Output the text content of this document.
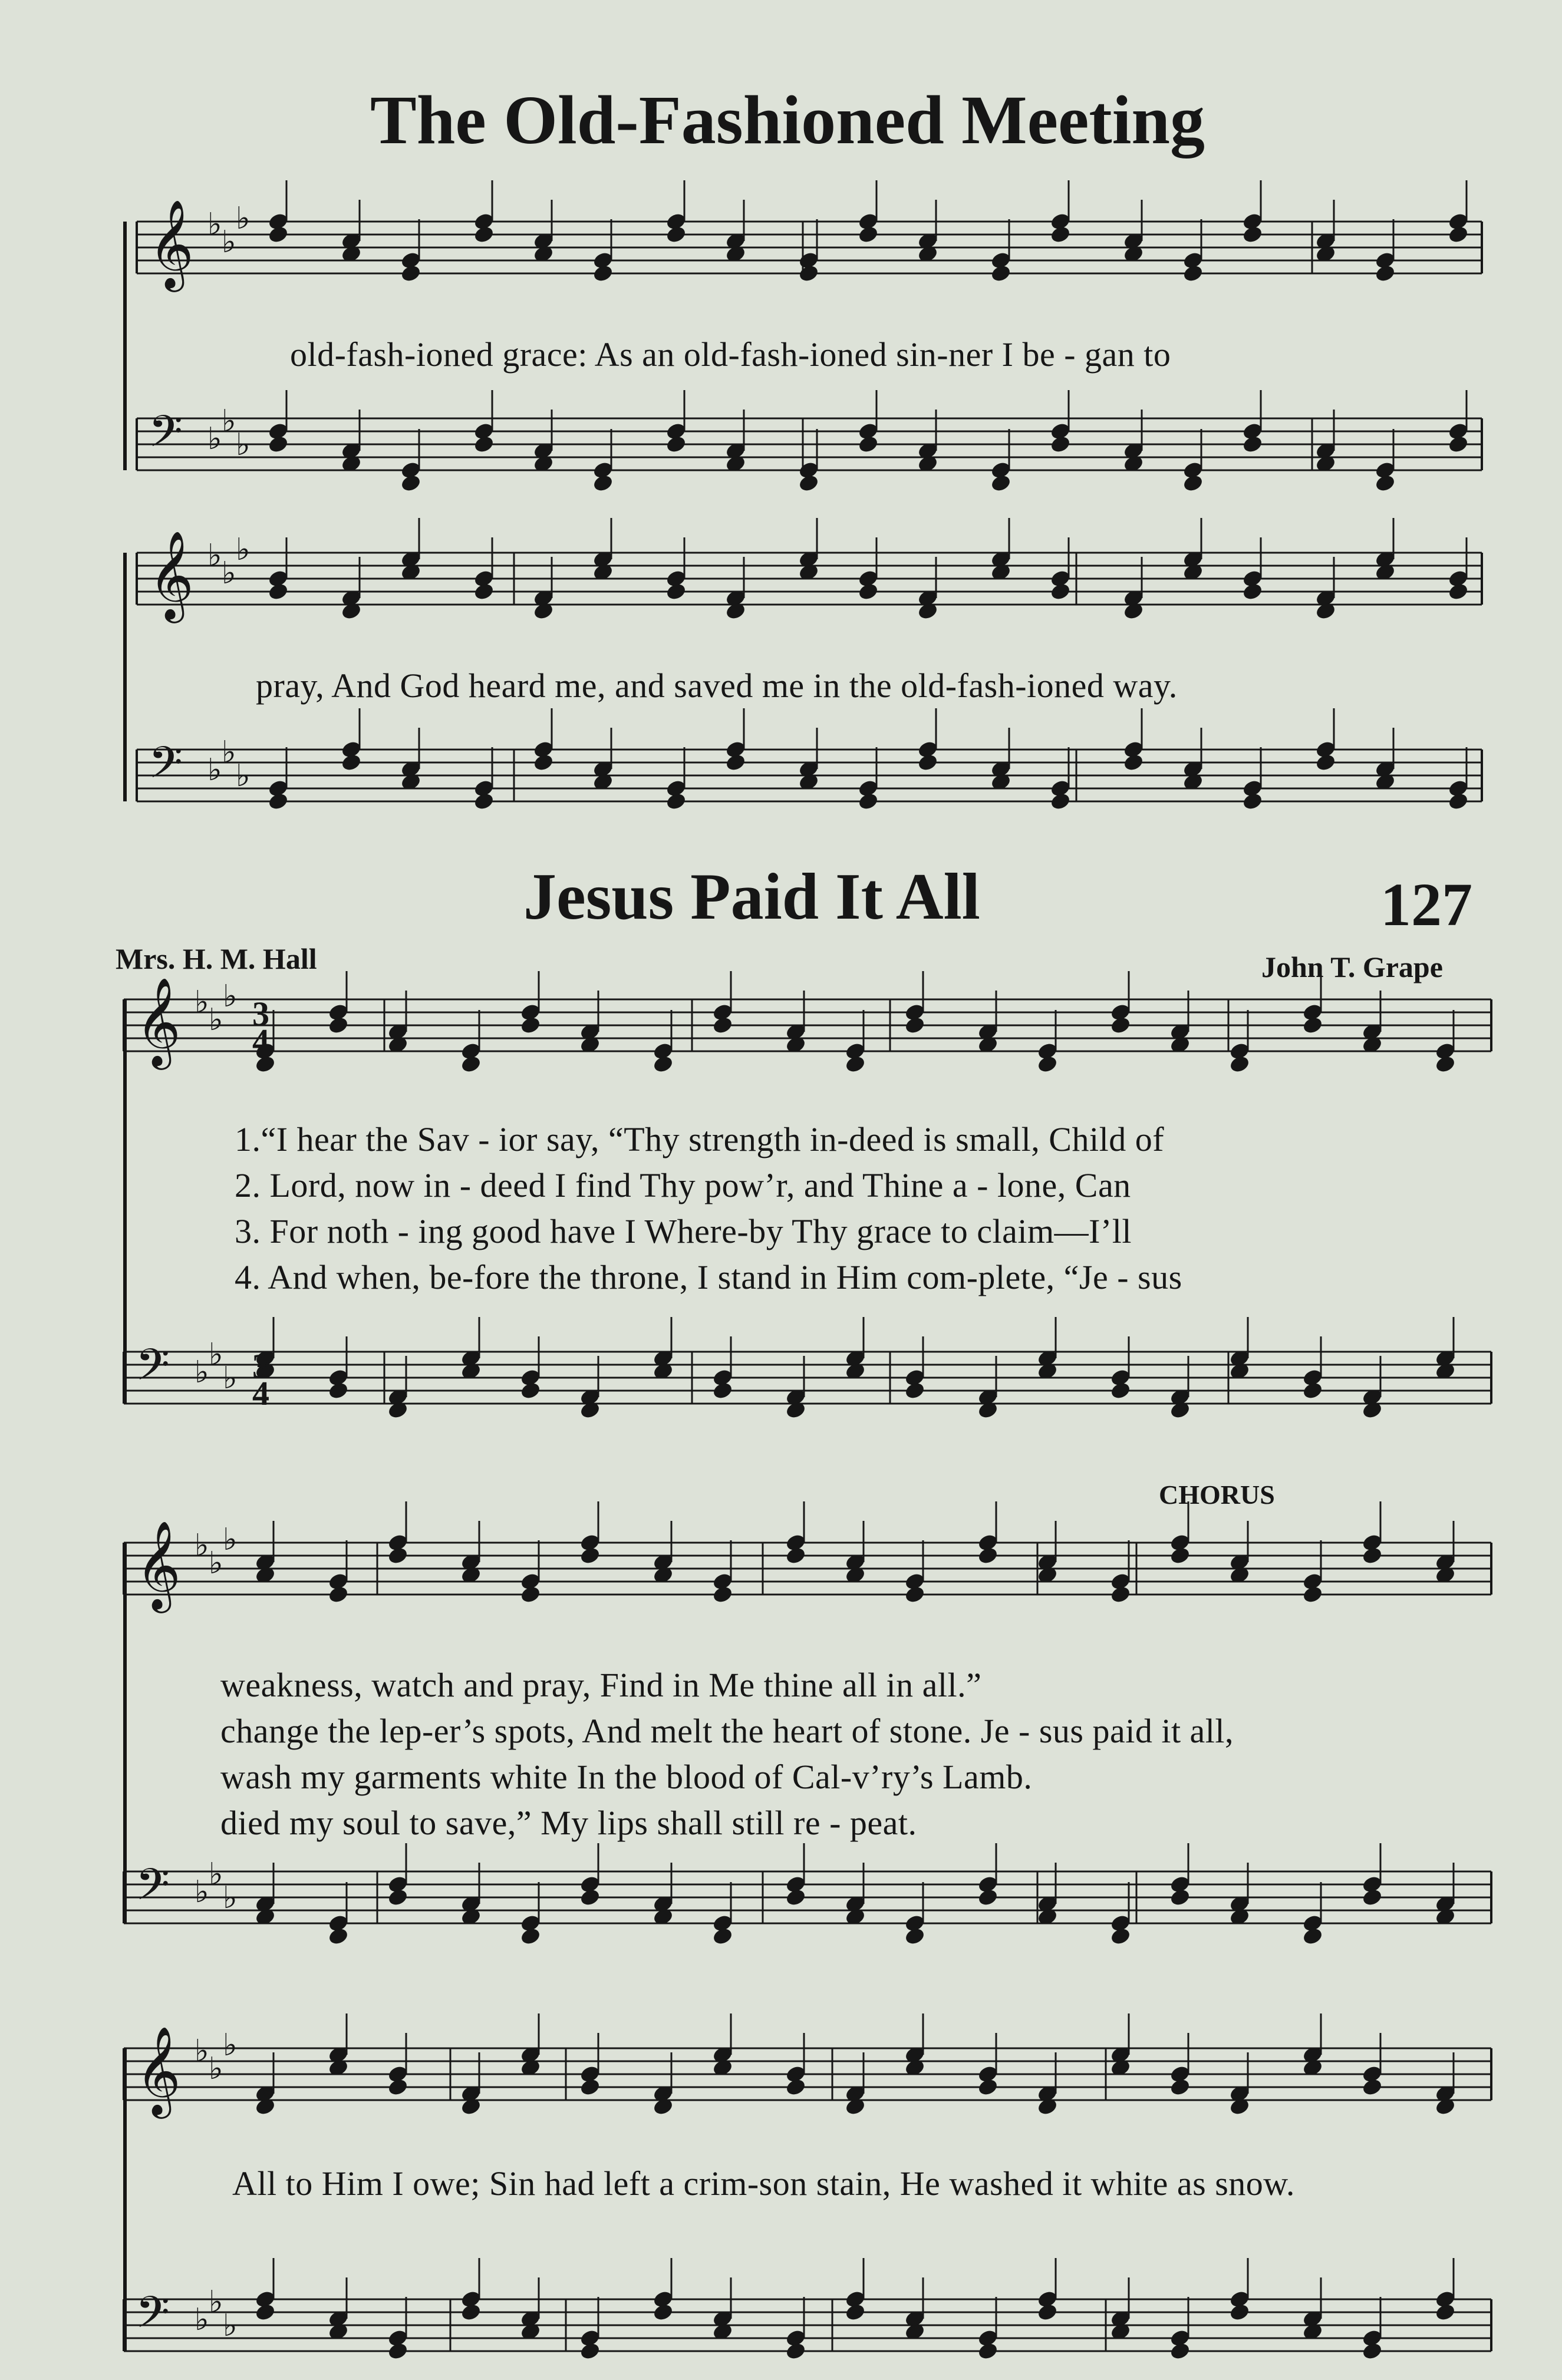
The Old-Fashioned Meeting
Jesus Paid It All	127
Mrs. H. M. Hall	John T. Grape
CHORUS
old-fash-ioned grace: As an old-fash-ioned sin-ner I be - gan to
pray, And God heard me, and saved me in the old-fash-ioned way.
1.“I hear the Sav - ior say, “Thy strength in-deed is small, Child of
2. Lord, now in - deed I find Thy pow’r, and Thine a - lone, Can
3. For noth - ing good have I Where-by Thy grace to claim—I’ll
4. And when, be-fore the throne, I stand in Him com-plete, “Je - sus
weakness, watch and pray, Find in Me thine all in all.”
change the lep-er’s spots, And melt the heart of stone. Je - sus paid it all,
wash my garments white In the blood of Cal-v’ry’s Lamb.
died my soul to save,” My lips shall still re - peat.
All to Him I owe; Sin had left a crim-son stain, He washed it white as snow.
𝄞 ♭ ♭
♭
𝄢 ♭ ♭
♭
𝄞 ♭ ♭
♭
𝄢 ♭ ♭
♭
𝄞 ♭ ♭
♭
𝄢 ♭ ♭
♭
𝄞 ♭ ♭
♭
𝄢 ♭ ♭
♭
𝄞 ♭ ♭
♭
𝄢 ♭ ♭
♭
3
4
3
4
